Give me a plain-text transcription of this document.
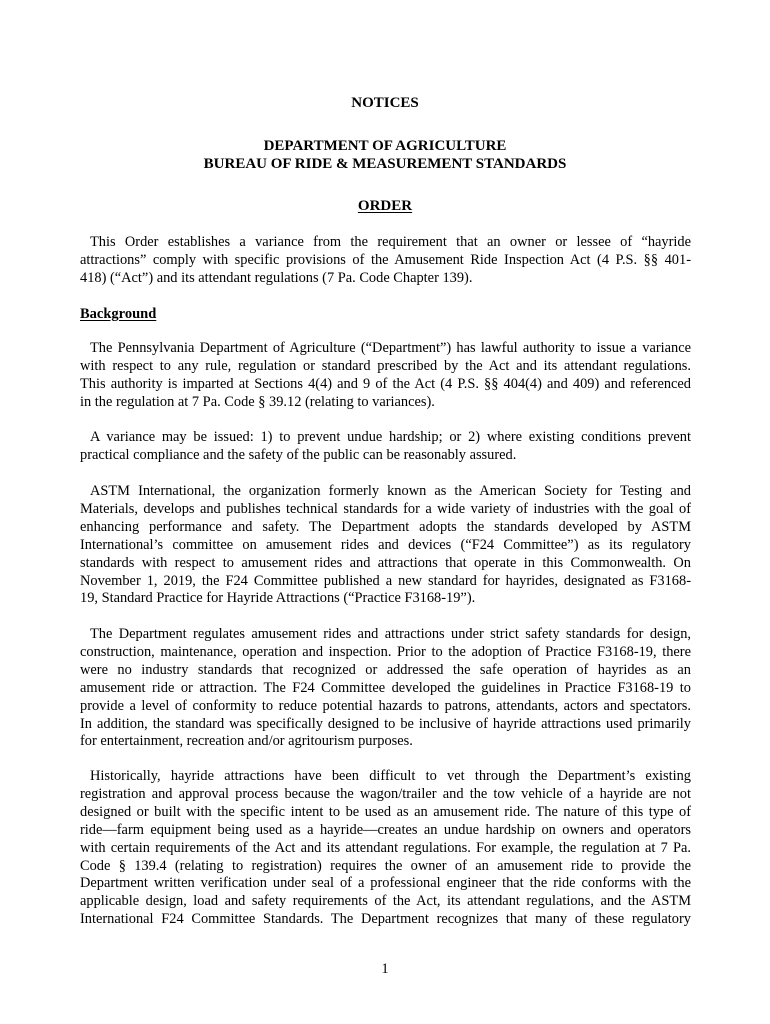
NOTICES
DEPARTMENT OF AGRICULTURE
BUREAU OF RIDE & MEASUREMENT STANDARDS
ORDER

This Order establishes a variance from the requirement that an owner or lessee of “hayride
attractions” comply with specific provisions of the Amusement Ride Inspection Act (4 P.S. §§ 401-
418) (“Act”) and its attendant regulations (7 Pa. Code Chapter 139).

Background

The Pennsylvania Department of Agriculture (“Department”) has lawful authority to issue a variance
with respect to any rule, regulation or standard prescribed by the Act and its attendant regulations.
This authority is imparted at Sections 4(4) and 9 of the Act (4 P.S. §§ 404(4) and 409) and referenced
in the regulation at 7 Pa. Code § 39.12 (relating to variances).

A variance may be issued: 1) to prevent undue hardship; or 2) where existing conditions prevent
practical compliance and the safety of the public can be reasonably assured.

ASTM International, the organization formerly known as the American Society for Testing and
Materials, develops and publishes technical standards for a wide variety of industries with the goal of
enhancing performance and safety. The Department adopts the standards developed by ASTM
International’s committee on amusement rides and devices (“F24 Committee”) as its regulatory
standards with respect to amusement rides and attractions that operate in this Commonwealth. On
November 1, 2019, the F24 Committee published a new standard for hayrides, designated as F3168-
19, Standard Practice for Hayride Attractions (“Practice F3168-19”).

The Department regulates amusement rides and attractions under strict safety standards for design,
construction, maintenance, operation and inspection. Prior to the adoption of Practice F3168-19, there
were no industry standards that recognized or addressed the safe operation of hayrides as an
amusement ride or attraction. The F24 Committee developed the guidelines in Practice F3168-19 to
provide a level of conformity to reduce potential hazards to patrons, attendants, actors and spectators.
In addition, the standard was specifically designed to be inclusive of hayride attractions used primarily
for entertainment, recreation and/or agritourism purposes.

Historically, hayride attractions have been difficult to vet through the Department’s existing
registration and approval process because the wagon/trailer and the tow vehicle of a hayride are not
designed or built with the specific intent to be used as an amusement ride. The nature of this type of
ride—farm equipment being used as a hayride—creates an undue hardship on owners and operators
with certain requirements of the Act and its attendant regulations. For example, the regulation at 7 Pa.
Code § 139.4 (relating to registration) requires the owner of an amusement ride to provide the
Department written verification under seal of a professional engineer that the ride conforms with the
applicable design, load and safety requirements of the Act, its attendant regulations, and the ASTM
International F24 Committee Standards. The Department recognizes that many of these regulatory

1
